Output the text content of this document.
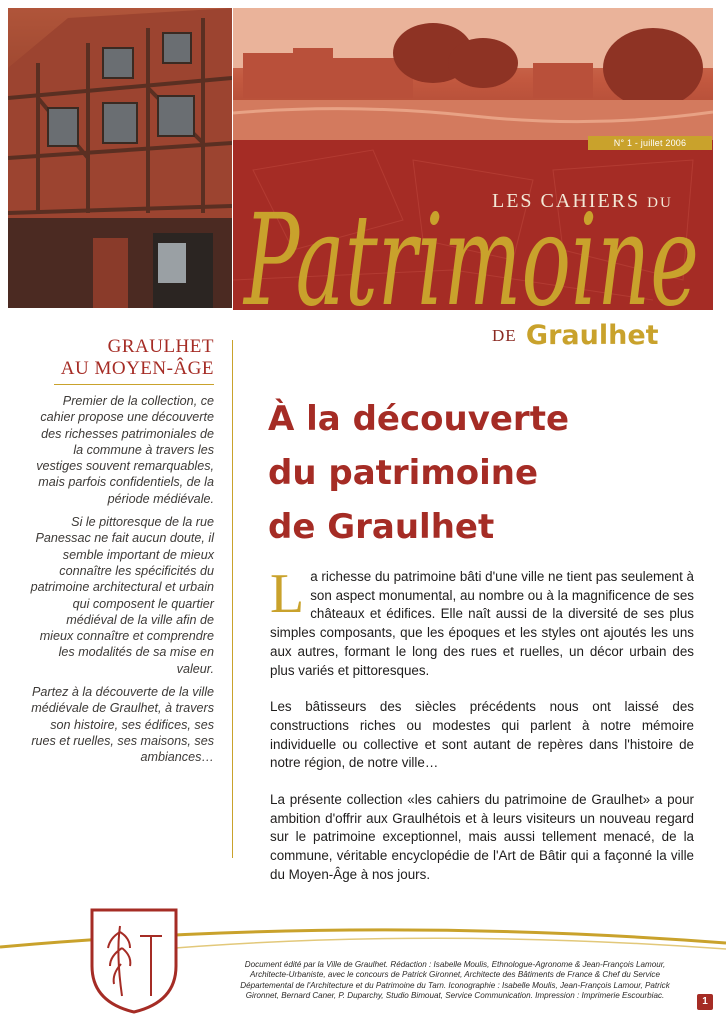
N° 1 - juillet 2006
LES CAHIERS DU
Patrimoine
DE Graulhet
GRAULHET
AU MOYEN-ÂGE

Premier de la collection, ce cahier propose une découverte des richesses patrimoniales de la commune à travers les vestiges souvent remarquables, mais parfois confidentiels, de la période médiévale.

Si le pittoresque de la rue Panessac ne fait aucun doute, il semble important de mieux connaître les spécificités du patrimoine architectural et urbain qui composent le quartier médiéval de la ville afin de mieux connaître et comprendre les modalités de sa mise en valeur.

Partez à la découverte de la ville médiévale de Graulhet, à travers son histoire, ses édifices, ses rues et ruelles, ses maisons, ses ambiances…

À la découverte
du patrimoine
de Graulhet

L a richesse du patrimoine bâti d'une ville ne tient pas seulement à son aspect monumental, au nombre ou à la magnificence de ses châteaux et édifices. Elle naît aussi de la diversité de ses plus simples composants, que les époques et les styles ont ajoutés les uns aux autres, formant le long des rues et ruelles, un décor urbain des plus variés et pittoresques.

Les bâtisseurs des siècles précédents nous ont laissé des constructions riches ou modestes qui parlent à notre mémoire individuelle ou collective et sont autant de repères dans l'histoire de notre région, de notre ville…

La présente collection «les cahiers du patrimoine de Graulhet» a pour ambition d'offrir aux Graulhétois et à leurs visiteurs un nouveau regard sur le patrimoine exceptionnel, mais aussi tellement menacé, de la commune, véritable encyclopédie de l'Art de Bâtir qui a façonné la ville du Moyen-Âge à nos jours.

Document édité par la Ville de Graulhet. Rédaction : Isabelle Moulis, Ethnologue-Agronome & Jean-François Lamour, Architecte-Urbaniste, avec le concours de Patrick Gironnet, Architecte des Bâtiments de France & Chef du Service Départemental de l'Architecture et du Patrimoine du Tarn. Iconographie : Isabelle Moulis, Jean-François Lamour, Patrick Gironnet, Bernard Caner, P. Duparchy, Studio Bimouat, Service Communication. Impression : Imprimerie Escourbiac.

1
